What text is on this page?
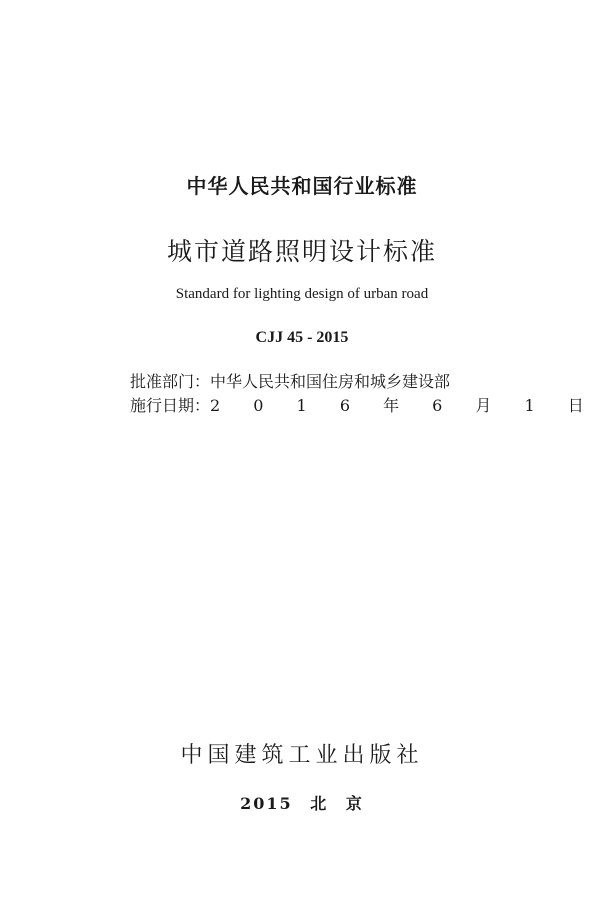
中华人民共和国行业标准
城市道路照明设计标准
Standard for lighting design of urban road
CJJ 45 - 2015
批准部门：中华人民共和国住房和城乡建设部
施行日期：2 0 1 6 年 6 月 1 日
中国建筑工业出版社
2015 北 京
